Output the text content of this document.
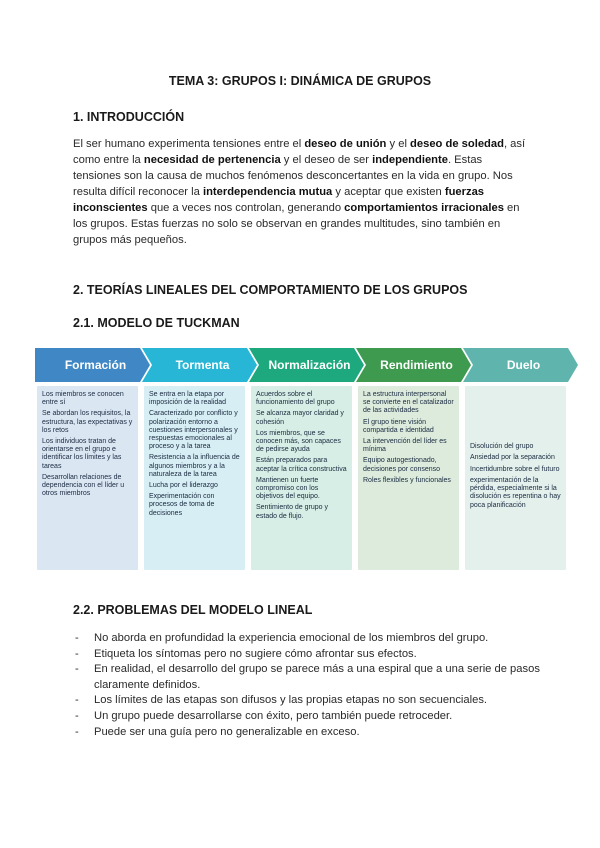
TEMA 3: GRUPOS I: DINÁMICA DE GRUPOS
1. INTRODUCCIÓN
El ser humano experimenta tensiones entre el deseo de unión y el deseo de soledad, así como entre la necesidad de pertenencia y el deseo de ser independiente. Estas tensiones son la causa de muchos fenómenos desconcertantes en la vida en grupo. Nos resulta difícil reconocer la interdependencia mutua y aceptar que existen fuerzas inconscientes que a veces nos controlan, generando comportamientos irracionales en los grupos. Estas fuerzas no solo se observan en grandes multitudes, sino también en grupos más pequeños.
2. TEORÍAS LINEALES DEL COMPORTAMIENTO DE LOS GRUPOS
2.1. MODELO DE TUCKMAN
Formación

Los miembros se conocen entre sí

Se abordan los requisitos, la estructura, las expectativas y los retos

Los individuos tratan de orientarse en el grupo e identificar los límites y las tareas

Desarrollan relaciones de dependencia con el líder u otros miembros

Tormenta

Se entra en la etapa por imposición de la realidad

Caracterizado por conflicto y polarización entorno a cuestiones interpersonales y respuestas emocionales al proceso y a la tarea

Resistencia a la influencia de algunos miembros y a la naturaleza de la tarea

Lucha por el liderazgo

Experimentación con procesos de toma de decisiones

Normalización

Acuerdos sobre el funcionamiento del grupo

Se alcanza mayor claridad y cohesión

Los miembros, que se conocen más, son capaces de pedirse ayuda

Están preparados para aceptar la crítica constructiva

Mantienen un fuerte compromiso con los objetivos del equipo.

Sentimiento de grupo y estado de flujo.

Rendimiento

La estructura interpersonal se convierte en el catalizador de las actividades

El grupo tiene visión compartida e identidad

La intervención del líder es mínima

Equipo autogestionado, decisiones por consenso

Roles flexibles y funcionales

Duelo

Disolución del grupo

Ansiedad por la separación

Incertidumbre sobre el futuro

experimentación de la pérdida, especialmente si la disolución es repentina o hay poca planificación

2.2. PROBLEMAS DEL MODELO LINEAL
- No aborda en profundidad la experiencia emocional de los miembros del grupo.
- Etiqueta los síntomas pero no sugiere cómo afrontar sus efectos.
- En realidad, el desarrollo del grupo se parece más a una espiral que a una serie de pasos claramente definidos.
- Los límites de las etapas son difusos y las propias etapas no son secuenciales.
- Un grupo puede desarrollarse con éxito, pero también puede retroceder.
- Puede ser una guía pero no generalizable en exceso.
